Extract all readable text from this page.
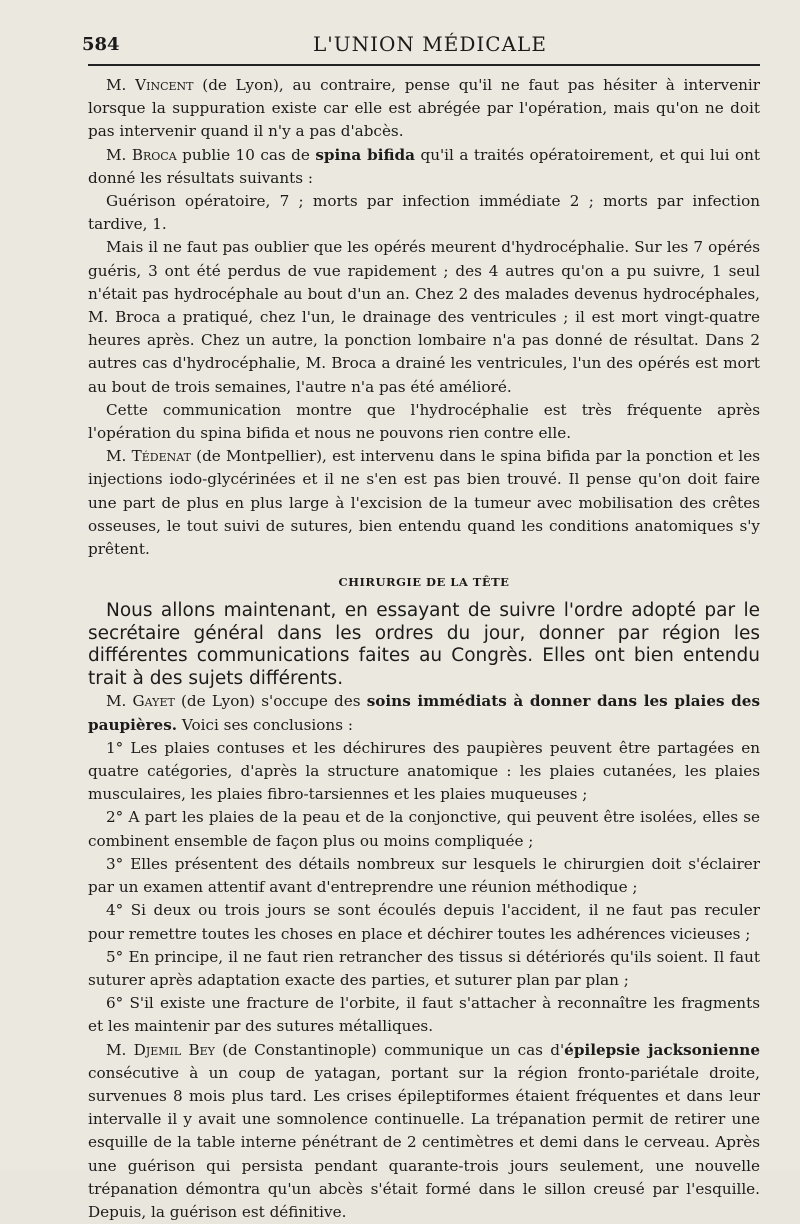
584	L'UNION MÉDICALE

M. Vincent (de Lyon), au contraire, pense qu'il ne faut pas hésiter à intervenir lorsque la suppuration existe car elle est abrégée par l'opération, mais qu'on ne doit pas intervenir quand il n'y a pas d'abcès.

M. Broca publie 10 cas de spina bifida qu'il a traités opératoirement, et qui lui ont donné les résultats suivants :

Guérison opératoire, 7 ; morts par infection immédiate 2 ; morts par infection tardive, 1.

Mais il ne faut pas oublier que les opérés meurent d'hydrocéphalie. Sur les 7 opérés guéris, 3 ont été perdus de vue rapidement ; des 4 autres qu'on a pu suivre, 1 seul n'était pas hydrocéphale au bout d'un an. Chez 2 des malades devenus hydrocéphales, M. Broca a pratiqué, chez l'un, le drainage des ventricules ; il est mort vingt-quatre heures après. Chez un autre, la ponction lombaire n'a pas donné de résultat. Dans 2 autres cas d'hydrocéphalie, M. Broca a drainé les ventricules, l'un des opérés est mort au bout de trois semaines, l'autre n'a pas été amélioré.

Cette communication montre que l'hydrocéphalie est très fréquente après l'opération du spina bifida et nous ne pouvons rien contre elle.

M. Tédenat (de Montpellier), est intervenu dans le spina bifida par la ponction et les injections iodo-glycérinées et il ne s'en est pas bien trouvé. Il pense qu'on doit faire une part de plus en plus large à l'excision de la tumeur avec mobilisation des crêtes osseuses, le tout suivi de sutures, bien entendu quand les conditions anatomiques s'y prêtent.

CHIRURGIE DE LA TÊTE

Nous allons maintenant, en essayant de suivre l'ordre adopté par le secrétaire général dans les ordres du jour, donner par région les différentes communications faites au Congrès. Elles ont bien entendu trait à des sujets différents.

M. Gayet (de Lyon) s'occupe des soins immédiats à donner dans les plaies des paupières. Voici ses conclusions :

1° Les plaies contuses et les déchirures des paupières peuvent être partagées en quatre catégories, d'après la structure anatomique : les plaies cutanées, les plaies musculaires, les plaies fibro-tarsiennes et les plaies muqueuses ;

2° A part les plaies de la peau et de la conjonctive, qui peuvent être isolées, elles se combinent ensemble de façon plus ou moins compliquée ;

3° Elles présentent des détails nombreux sur lesquels le chirurgien doit s'éclairer par un examen attentif avant d'entreprendre une réunion méthodique ;

4° Si deux ou trois jours se sont écoulés depuis l'accident, il ne faut pas reculer pour remettre toutes les choses en place et déchirer toutes les adhérences vicieuses ;

5° En principe, il ne faut rien retrancher des tissus si détériorés qu'ils soient. Il faut suturer après adaptation exacte des parties, et suturer plan par plan ;

6° S'il existe une fracture de l'orbite, il faut s'attacher à reconnaître les fragments et les maintenir par des sutures métalliques.

M. Djemil Bey (de Constantinople) communique un cas d'épilepsie jacksonienne consécutive à un coup de yatagan, portant sur la région fronto-pariétale droite, survenues 8 mois plus tard. Les crises épileptiformes étaient fréquentes et dans leur intervalle il y avait une somnolence continuelle. La trépanation permit de retirer une esquille de la table interne pénétrant de 2 centimètres et demi dans le cerveau. Après une guérison qui persista pendant quarante-trois jours seulement, une nouvelle trépanation démontra qu'un abcès s'était formé dans le sillon creusé par l'esquille. Depuis, la guérison est définitive.
